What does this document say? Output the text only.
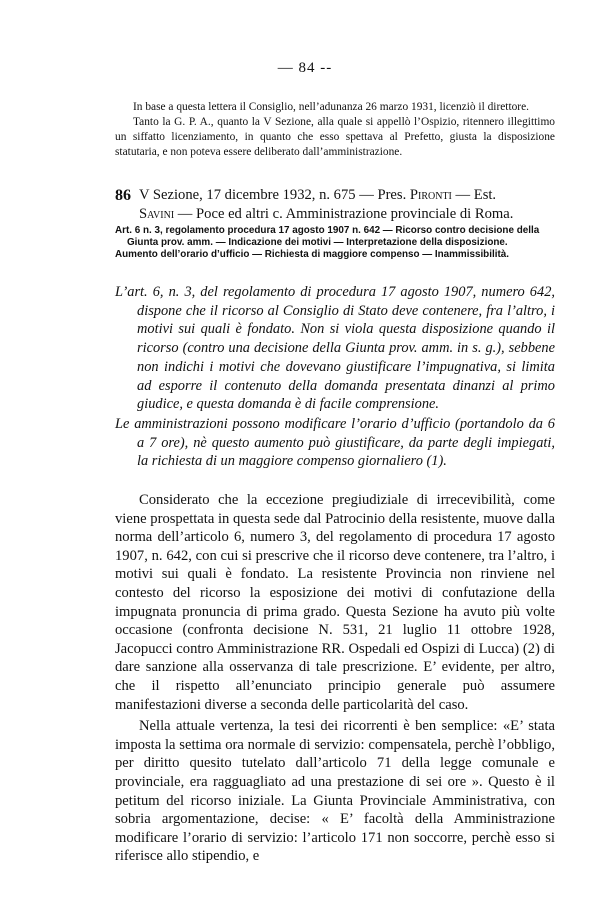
— 84 --

In base a questa lettera il Consiglio, nell’adunanza 26 marzo 1931, licenziò il direttore.

Tanto la G. P. A., quanto la V Sezione, alla quale si appellò l’Ospizio, ritennero illegittimo un siffatto licenziamento, in quanto che esso spettava al Prefetto, giusta la disposizione statutaria, e non poteva essere deliberato dall’amministrazione.

86 V Sezione, 17 dicembre 1932, n. 675 — Pres. Pironti — Est.
Savini — Poce ed altri c. Amministrazione provinciale di Roma.

Art. 6 n. 3, regolamento procedura 17 agosto 1907 n. 642 — Ricorso contro decisione della Giunta prov. amm. — Indicazione dei motivi — Interpretazione della disposizione.

Aumento dell’orario d’ufficio — Richiesta di maggiore compenso — Inammissibilità.

L’art. 6, n. 3, del regolamento di procedura 17 agosto 1907, numero 642, dispone che il ricorso al Consiglio di Stato deve contenere, fra l’altro, i motivi sui quali è fondato. Non si viola questa disposizione quando il ricorso (contro una decisione della Giunta prov. amm. in s. g.), sebbene non indichi i motivi che dovevano giustificare l’impugnativa, si limita ad esporre il contenuto della domanda presentata dinanzi al primo giudice, e questa domanda è di facile comprensione.

Le amministrazioni possono modificare l’orario d’ufficio (portandolo da 6 a 7 ore), nè questo aumento può giustificare, da parte degli impiegati, la richiesta di un maggiore compenso giornaliero (1).

Considerato che la eccezione pregiudiziale di irrecevibilità, come viene prospettata in questa sede dal Patrocinio della resistente, muove dalla norma dell’articolo 6, numero 3, del regolamento di procedura 17 agosto 1907, n. 642, con cui si prescrive che il ricorso deve contenere, tra l’altro, i motivi sui quali è fondato. La resistente Provincia non rinviene nel contesto del ricorso la esposizione dei motivi di confutazione della impugnata pronuncia di prima grado. Questa Sezione ha avuto più volte occasione (confronta decisione N. 531, 21 luglio 11 ottobre 1928, Jacopucci contro Amministrazione RR. Ospedali ed Ospizi di Lucca) (2) di dare sanzione alla osservanza di tale prescrizione. E’ evidente, per altro, che il rispetto all’enunciato principio generale può assumere manifestazioni diverse a seconda delle particolarità del caso.

Nella attuale vertenza, la tesi dei ricorrenti è ben semplice: «E’ stata imposta la settima ora normale di servizio: compensatela, perchè l’obbligo, per diritto quesito tutelato dall’articolo 71 della legge comunale e provinciale, era ragguagliato ad una prestazione di sei ore ». Questo è il petitum del ricorso iniziale. La Giunta Provinciale Amministrativa, con sobria argomentazione, decise: « E’ facoltà della Amministrazione modificare l’orario di servizio: l’articolo 171 non soccorre, perchè esso si riferisce allo stipendio, e
